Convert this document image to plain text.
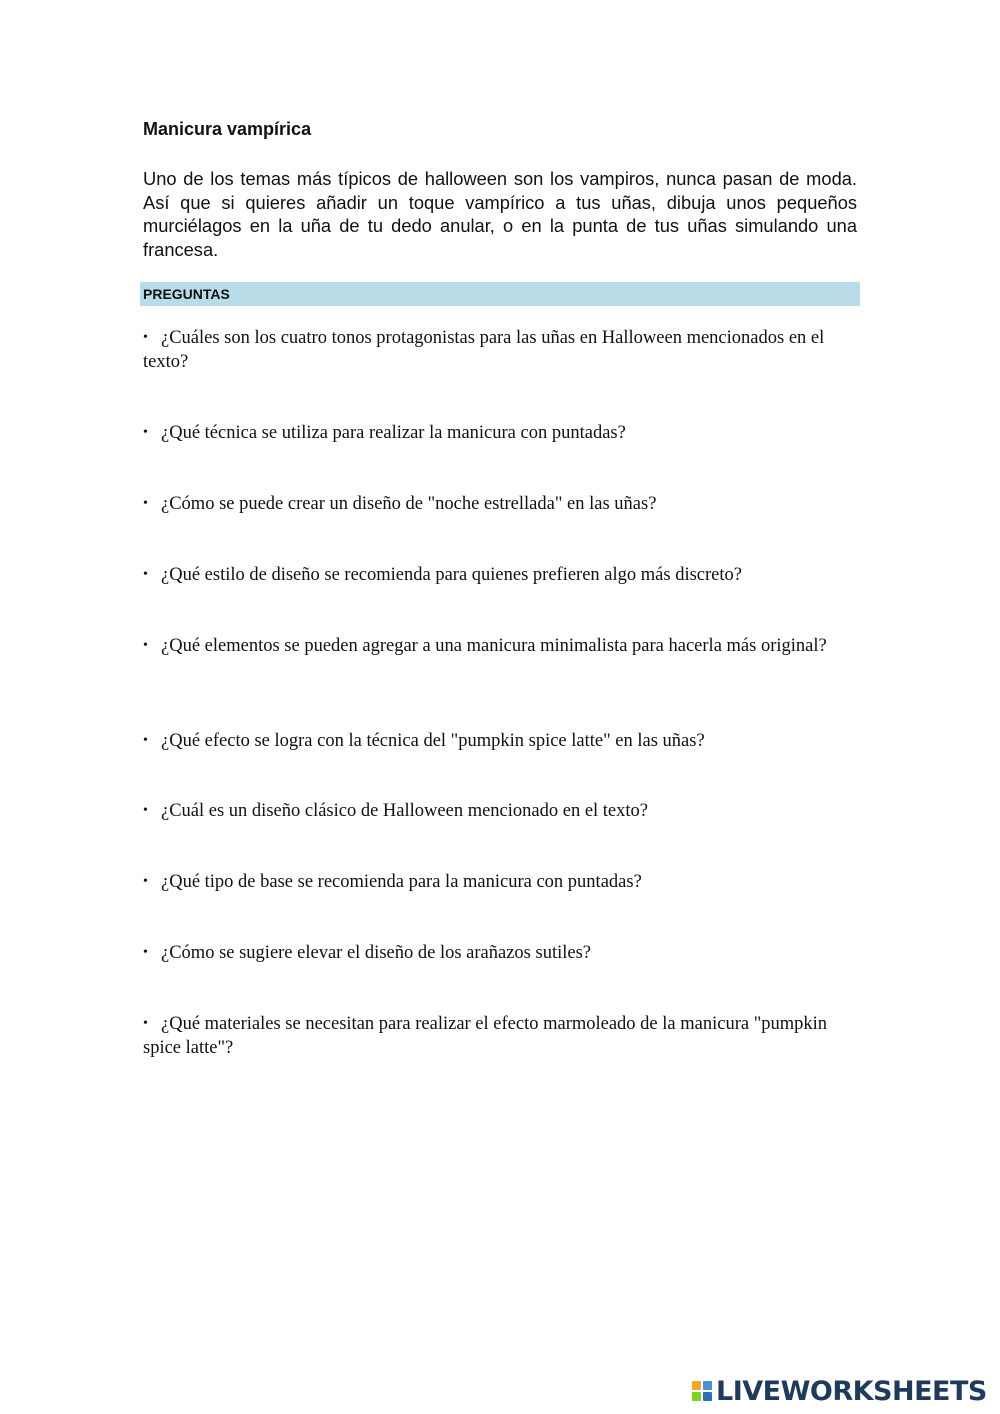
Manicura vampírica

Uno de los temas más típicos de halloween son los vampiros, nunca pasan de moda. Así que si quieres añadir un toque vampírico a tus uñas, dibuja unos pequeños murciélagos en la uña de tu dedo anular, o en la punta de tus uñas simulando una francesa.

PREGUNTAS

• ¿Cuáles son los cuatro tonos protagonistas para las uñas en Halloween mencionados en el texto?

• ¿Qué técnica se utiliza para realizar la manicura con puntadas?

• ¿Cómo se puede crear un diseño de "noche estrellada" en las uñas?

• ¿Qué estilo de diseño se recomienda para quienes prefieren algo más discreto?

• ¿Qué elementos se pueden agregar a una manicura minimalista para hacerla más original?

• ¿Qué efecto se logra con la técnica del "pumpkin spice latte" en las uñas?

• ¿Cuál es un diseño clásico de Halloween mencionado en el texto?

• ¿Qué tipo de base se recomienda para la manicura con puntadas?

• ¿Cómo se sugiere elevar el diseño de los arañazos sutiles?

• ¿Qué materiales se necesitan para realizar el efecto marmoleado de la manicura "pumpkin spice latte"?

LIVEWORKSHEETS
